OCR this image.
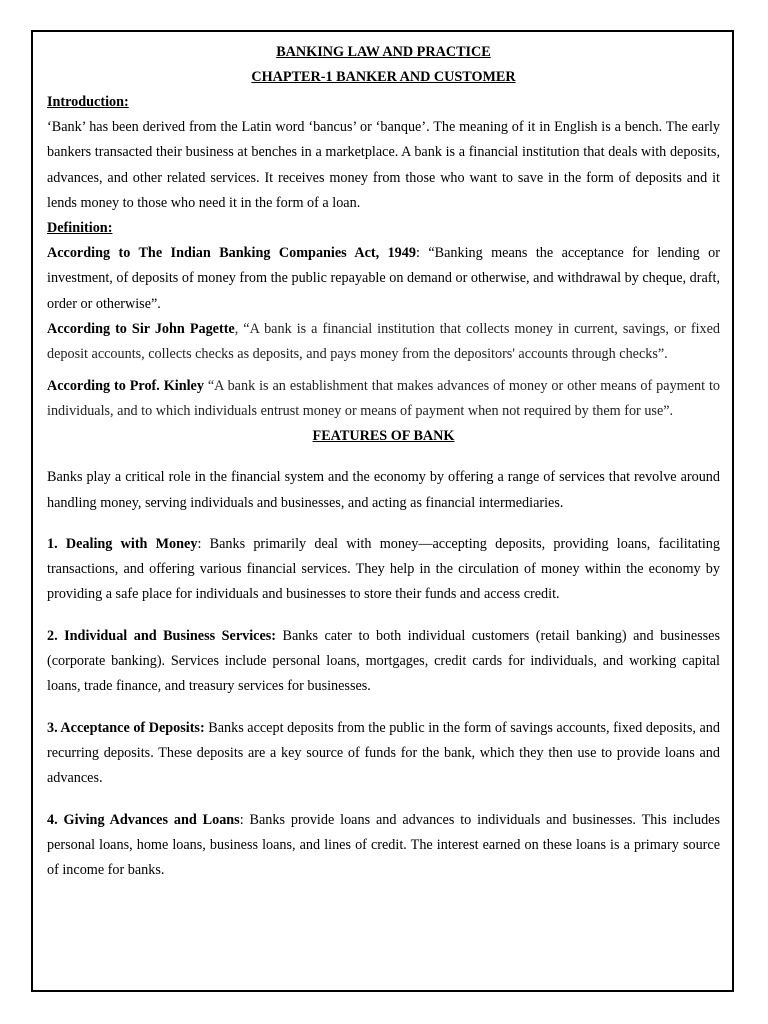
BANKING LAW AND PRACTICE

CHAPTER-1 BANKER AND CUSTOMER

Introduction:

‘Bank’ has been derived from the Latin word ‘bancus’ or ‘banque’. The meaning of it in English is a bench. The early bankers transacted their business at benches in a marketplace. A bank is a financial institution that deals with deposits, advances, and other related services. It receives money from those who want to save in the form of deposits and it lends money to those who need it in the form of a loan.

Definition:

According to The Indian Banking Companies Act, 1949: “Banking means the acceptance for lending or investment, of deposits of money from the public repayable on demand or otherwise, and withdrawal by cheque, draft, order or otherwise”.

According to Sir John Pagette, “A bank is a financial institution that collects money in current, savings, or fixed deposit accounts, collects checks as deposits, and pays money from the depositors' accounts through checks”.

According to Prof. Kinley “A bank is an establishment that makes advances of money or other means of payment to individuals, and to which individuals entrust money or means of payment when not required by them for use”.

FEATURES OF BANK

Banks play a critical role in the financial system and the economy by offering a range of services that revolve around handling money, serving individuals and businesses, and acting as financial intermediaries.

1. Dealing with Money: Banks primarily deal with money—accepting deposits, providing loans, facilitating transactions, and offering various financial services. They help in the circulation of money within the economy by providing a safe place for individuals and businesses to store their funds and access credit.

2. Individual and Business Services: Banks cater to both individual customers (retail banking) and businesses (corporate banking). Services include personal loans, mortgages, credit cards for individuals, and working capital loans, trade finance, and treasury services for businesses.

3. Acceptance of Deposits: Banks accept deposits from the public in the form of savings accounts, fixed deposits, and recurring deposits. These deposits are a key source of funds for the bank, which they then use to provide loans and advances.

4. Giving Advances and Loans: Banks provide loans and advances to individuals and businesses. This includes personal loans, home loans, business loans, and lines of credit. The interest earned on these loans is a primary source of income for banks.
